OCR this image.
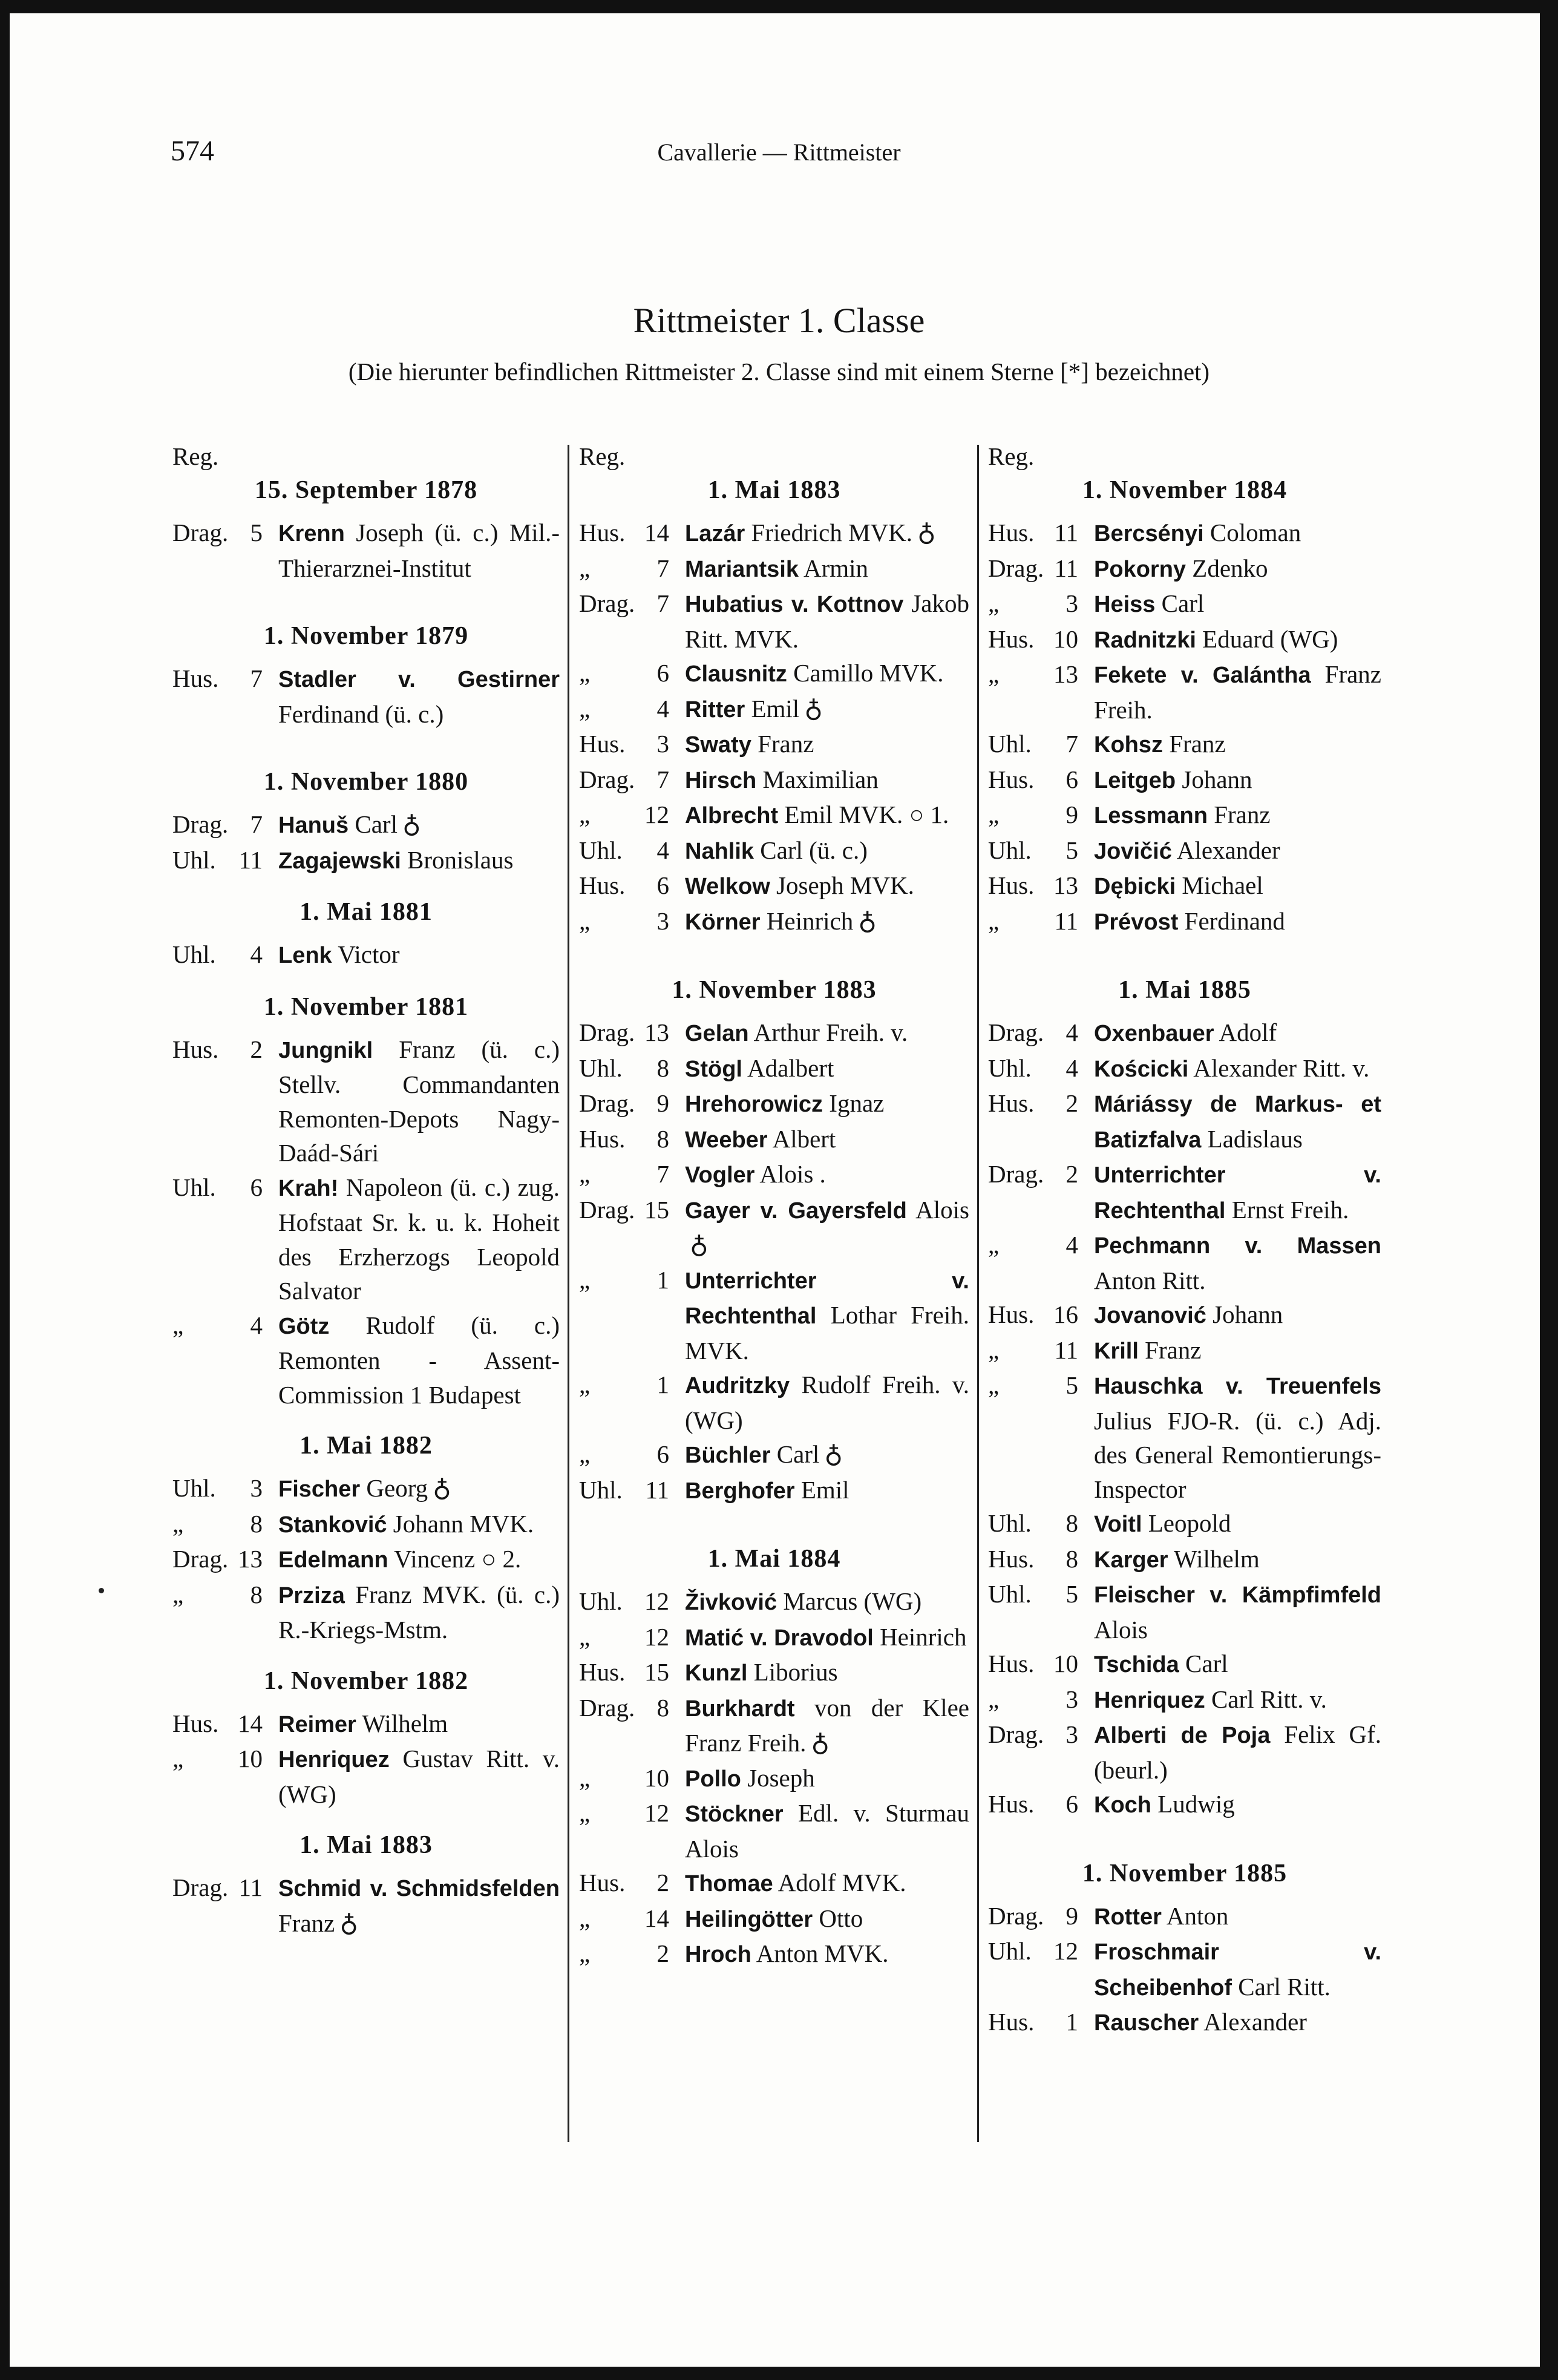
574	Cavallerie — Rittmeister
Rittmeister 1. Classe
(Die hierunter befindlichen Rittmeister 2. Classe sind mit einem Sterne [*] bezeichnet)
Reg.
15. September 1878
Drag. 5 Krenn Joseph (ü. c.) Mil.-Thierarznei-Institut
1. November 1879
Hus.	7 Stadler v. Gestirner Ferdinand (ü. c.)
1. November 1880
Drag. 7 Hanuš Carl ♁
Uhl. 11 Zagajewski Bronislaus
1. Mai 1881
Uhl.	4 Lenk Victor
1. November 1881
Hus.	2 Jungnikl Franz (ü. c.) Stellv. Commandanten Remonten-Depots Nagy-Daád-Sári
Uhl.	6 Krah! Napoleon (ü. c.) zug. Hofstaat Sr. k. u. k. Hoheit des Erzherzogs Leopold Salvator
„	4 Götz Rudolf (ü. c.) Remonten - Assent-Commission 1 Budapest
1. Mai 1882
Uhl.	3 Fischer Georg ♁
„	8 Stanković Johann MVK.
Drag. 13 Edelmann Vincenz ○ 2.
„	8 Prziza Franz MVK. (ü. c.) R.-Kriegs-Mstm.
1. November 1882
Hus. 14 Reimer Wilhelm
„	10 Henriquez Gustav Ritt. v. (WG)
1. Mai 1883
Drag. 11 Schmid v. Schmidsfelden Franz ♁
Reg.
1. Mai 1883
Hus. 14 Lazár Friedrich MVK. ♁
„	7 Mariantsik Armin
Drag. 7 Hubatius v. Kottnov Jakob Ritt. MVK.
„	6 Clausnitz Camillo MVK.
„	4 Ritter Emil ♁
Hus.	3 Swaty Franz
Drag. 7 Hirsch Maximilian
„	12 Albrecht Emil MVK. ○ 1.
Uhl.	4 Nahlik Carl (ü. c.)
Hus.	6 Welkow Joseph MVK.
„	3 Körner Heinrich ♁
1. November 1883
Drag. 13 Gelan Arthur Freih. v.
Uhl.	8 Stögl Adalbert
Drag. 9 Hrehorowicz Ignaz
Hus.	8 Weeber Albert
„	7 Vogler Alois .
Drag. 15 Gayer v. Gayersfeld Alois♁
„	1 Unterrichter v. Rechtenthal Lothar Freih. MVK.
„	1 Audritzky Rudolf Freih. v. (WG)
„	6 Büchler Carl ♁
Uhl. 11 Berghofer Emil
1. Mai 1884
Uhl. 12 Živković Marcus (WG)
„	12 Matić v. Dravodol Heinrich
Hus. 15 Kunzl Liborius
Drag. 8 Burkhardt von der Klee Franz Freih. ♁
„	10 Pollo Joseph
„	12 Stöckner Edl. v. Sturmau Alois
Hus.	2 Thomae Adolf MVK.
„	14 Heilingötter Otto
„	2 Hroch Anton MVK.
Reg.
1. November 1884
Hus. 11 Bercsényi Coloman
Drag. 11 Pokorny Zdenko
„	3 Heiss Carl
Hus. 10 Radnitzki Eduard (WG)
„	13 Fekete v. Galántha Franz Freih.
Uhl.	7 Kohsz Franz
Hus.	6 Leitgeb Johann
„	9 Lessmann Franz
Uhl.	5 Jovičić Alexander
Hus. 13 Dębicki Michael
„	11 Prévost Ferdinand
1. Mai 1885
Drag. 4 Oxenbauer Adolf
Uhl.	4 Kościcki Alexander Ritt. v.
Hus.	2 Máriássy de Markus- et Batizfalva Ladislaus
Drag. 2 Unterrichter v. Rechtenthal Ernst Freih.
„	4 Pechmann v. Massen Anton Ritt.
Hus. 16 Jovanović Johann
„	11 Krill Franz
„	5 Hauschka v. Treuenfels Julius FJO-R. (ü. c.) Adj. des General Remontierungs-Inspector
Uhl.	8 Voitl Leopold
Hus.	8 Karger Wilhelm
Uhl.	5 Fleischer v. Kämpfimfeld Alois
Hus. 10 Tschida Carl
„	3 Henriquez Carl Ritt. v.
Drag. 3 Alberti de Poja Felix Gf. (beurl.)
Hus.	6 Koch Ludwig
1. November 1885
Drag. 9 Rotter Anton
Uhl. 12 Froschmair v. Scheibenhof Carl Ritt.
Hus.	1 Rauscher Alexander
